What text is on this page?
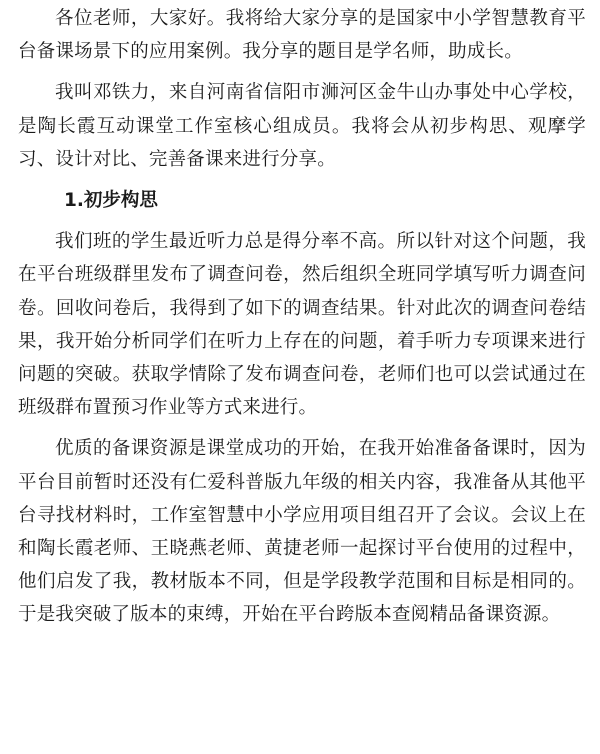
各位老师，大家好。我将给大家分享的是国家中小学智慧教育平台备课场景下的应用案例。我分享的题目是学名师，助成长。

我叫邓铁力，来自河南省信阳市浉河区金牛山办事处中心学校，是陶长霞互动课堂工作室核心组成员。我将会从初步构思、观摩学习、设计对比、完善备课来进行分享。

1.初步构思

我们班的学生最近听力总是得分率不高。所以针对这个问题，我在平台班级群里发布了调查问卷，然后组织全班同学填写听力调查问卷。回收问卷后，我得到了如下的调查结果。针对此次的调查问卷结果，我开始分析同学们在听力上存在的问题，着手听力专项课来进行问题的突破。获取学情除了发布调查问卷，老师们也可以尝试通过在班级群布置预习作业等方式来进行。

优质的备课资源是课堂成功的开始，在我开始准备备课时，因为平台目前暂时还没有仁爱科普版九年级的相关内容，我准备从其他平台寻找材料时，工作室智慧中小学应用项目组召开了会议。会议上在和陶长霞老师、王晓燕老师、黄捷老师一起探讨平台使用的过程中，他们启发了我，教材版本不同，但是学段教学范围和目标是相同的。于是我突破了版本的束缚，开始在平台跨版本查阅精品备课资源。
